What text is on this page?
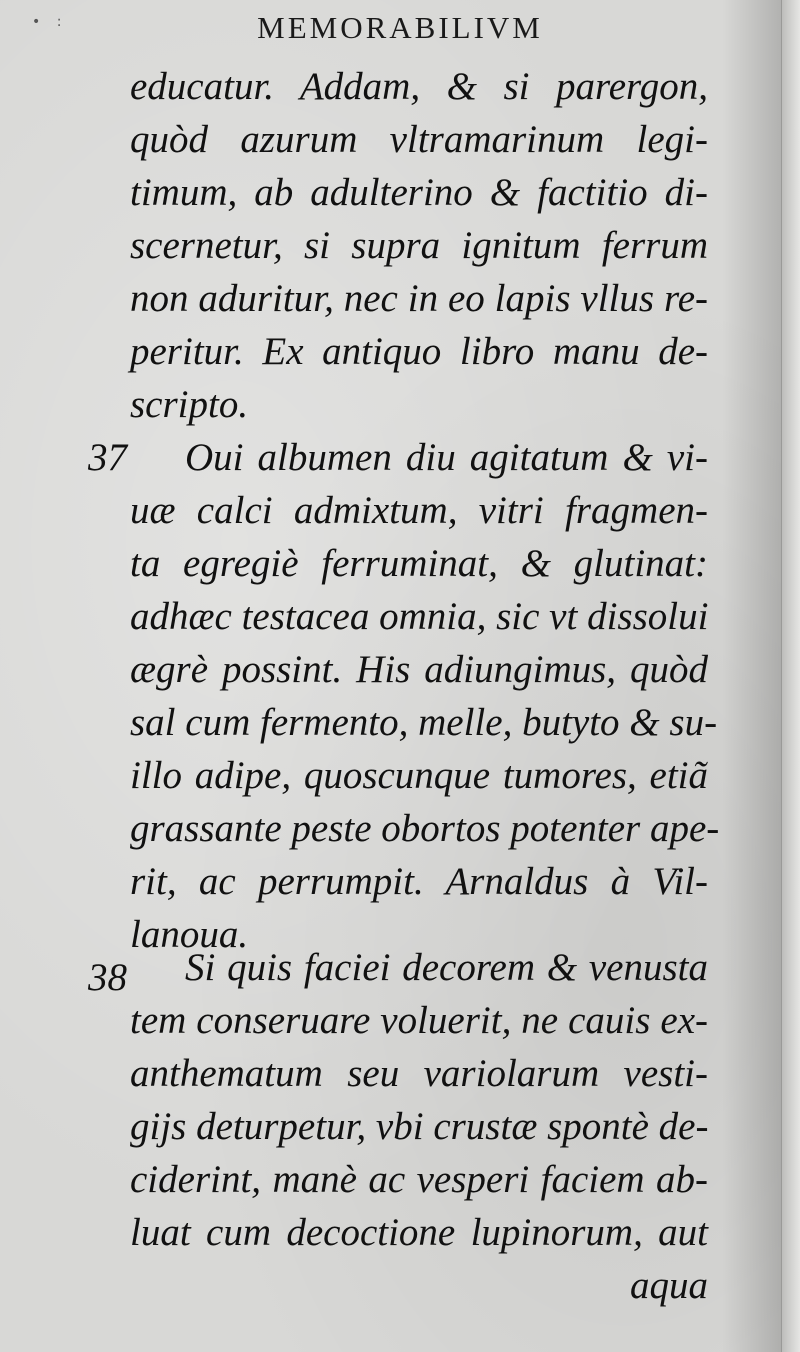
• :	MEMORABILIVM
educatur. Addam, & si parergon,
quòd azurum vltramarinum legi-
timum, ab adulterino & factitio di-
scernetur, si supra ignitum ferrum
non aduritur, nec in eo lapis vllus re-
peritur. Ex antiquo libro manu de-
scripto.
37 Oui albumen diu agitatum & vi-
uæ calci admixtum, vitri fragmen-
ta egregiè ferruminat, & glutinat:
adhæc testacea omnia, sic vt dissolui
ægrè possint. His adiungimus, quòd
sal cum fermento, melle, butyto & su-
illo adipe, quoscunque tumores, etiã
grassante peste obortos potenter ape-
rit, ac perrumpit. Arnaldus à Vil-
lanoua.
38 Si quis faciei decorem & venusta
tem conseruare voluerit, ne cauis ex-
anthematum seu variolarum vesti-
gijs deturpetur, vbi crustæ spontè de-
ciderint, manè ac vesperi faciem ab-
luat cum decoctione lupinorum, aut
aqua
